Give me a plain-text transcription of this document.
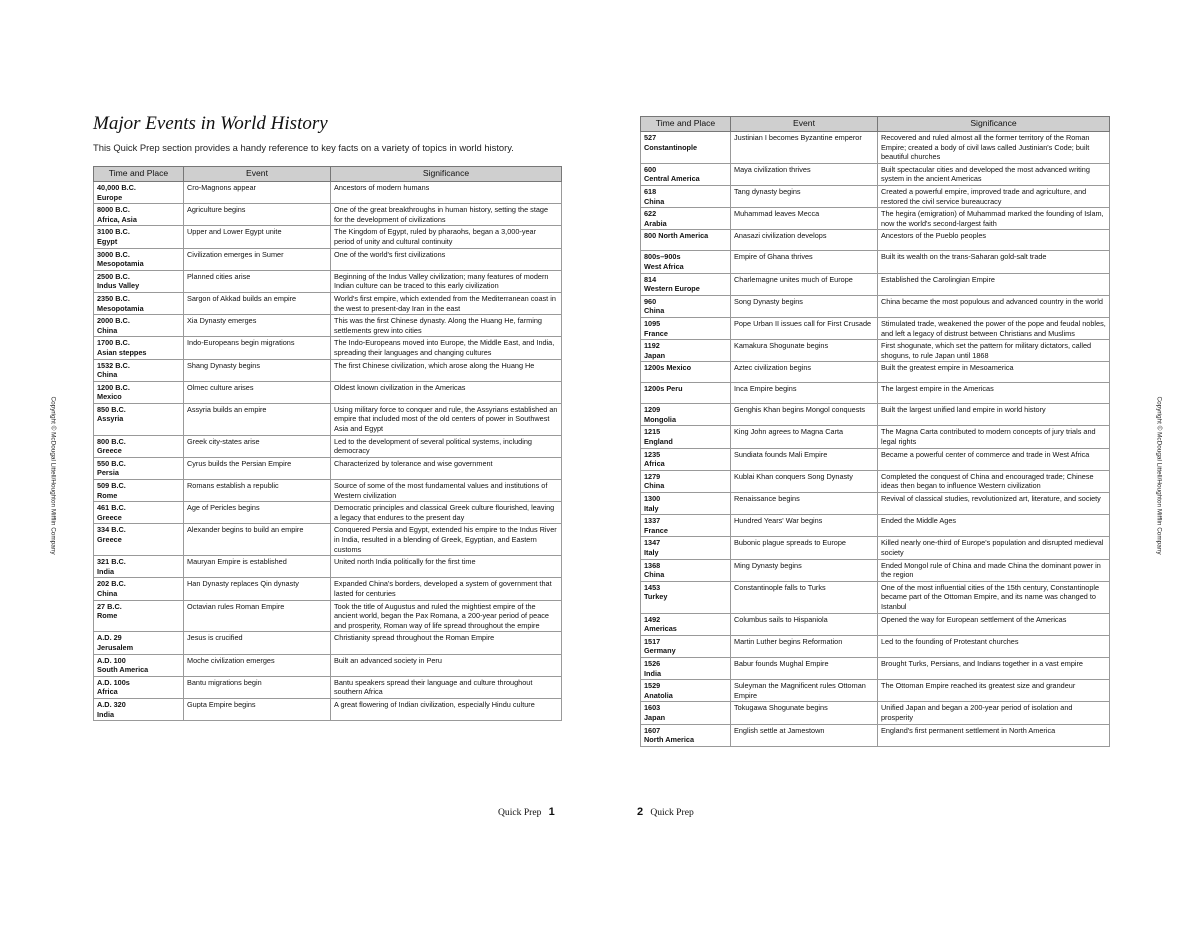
Major Events in World History

This Quick Prep section provides a handy reference to key facts on a variety of topics in world history.

Time and Place	Event	Significance

40,000 B.C.
Europe	Cro-Magnons appear	Ancestors of modern humans

8000 B.C.
Africa, Asia	Agriculture begins	One of the great breakthroughs in human history, setting the stage for the development of civilizations

3100 B.C.
Egypt	Upper and Lower Egypt unite	The Kingdom of Egypt, ruled by pharaohs, began a 3,000-year period of unity and cultural continuity

3000 B.C.
Mesopotamia	Civilization emerges in Sumer	One of the world's first civilizations

2500 B.C.
Indus Valley	Planned cities arise	Beginning of the Indus Valley civilization; many features of modern Indian culture can be traced to this early civilization

2350 B.C.
Mesopotamia	Sargon of Akkad builds an empire	World's first empire, which extended from the Mediterranean coast in the west to present-day Iran in the east

2000 B.C.
China	Xia Dynasty emerges	This was the first Chinese dynasty. Along the Huang He, farming settlements grew into cities

1700 B.C.
Asian steppes	Indo-Europeans begin migrations	The Indo-Europeans moved into Europe, the Middle East, and India, spreading their languages and changing cultures

1532 B.C.
China	Shang Dynasty begins	The first Chinese civilization, which arose along the Huang He

1200 B.C.
Mexico	Olmec culture arises	Oldest known civilization in the Americas

850 B.C.
Assyria	Assyria builds an empire	Using military force to conquer and rule, the Assyrians established an empire that included most of the old centers of power in Southwest Asia and Egypt

800 B.C.
Greece	Greek city-states arise	Led to the development of several political systems, including democracy

550 B.C.
Persia	Cyrus builds the Persian Empire	Characterized by tolerance and wise government

509 B.C.
Rome	Romans establish a republic	Source of some of the most fundamental values and institutions of Western civilization

461 B.C.
Greece	Age of Pericles begins	Democratic principles and classical Greek culture flourished, leaving a legacy that endures to the present day

334 B.C.
Greece	Alexander begins to build an empire	Conquered Persia and Egypt, extended his empire to the Indus River in India, resulted in a blending of Greek, Egyptian, and Eastern customs

321 B.C.
India	Mauryan Empire is established	United north India politically for the first time

202 B.C.
China	Han Dynasty replaces Qin dynasty	Expanded China's borders, developed a system of government that lasted for centuries

27 B.C.
Rome	Octavian rules Roman Empire	Took the title of Augustus and ruled the mightiest empire of the ancient world, began the Pax Romana, a 200-year period of peace and prosperity, Roman way of life spread throughout the empire

A.D. 29
Jerusalem	Jesus is crucified	Christianity spread throughout the Roman Empire

A.D. 100
South America	Moche civilization emerges	Built an advanced society in Peru

A.D. 100s
Africa	Bantu migrations begin	Bantu speakers spread their language and culture throughout southern Africa

A.D. 320
India	Gupta Empire begins	A great flowering of Indian civilization, especially Hindu culture
Copyright © McDougal Littell/Houghton Mifflin Company
Quick Prep 1
Time and Place	Event	Significance

527
Constantinople	Justinian I becomes Byzantine emperor	Recovered and ruled almost all the former territory of the Roman Empire; created a body of civil laws called Justinian's Code; built beautiful churches

600
Central America	Maya civilization thrives	Built spectacular cities and developed the most advanced writing system in the ancient Americas

618
China	Tang dynasty begins	Created a powerful empire, improved trade and agriculture, and restored the civil service bureaucracy

622
Arabia	Muhammad leaves Mecca	The hegira (emigration) of Muhammad marked the founding of Islam, now the world's second-largest faith

800 North America	Anasazi civilization develops	Ancestors of the Pueblo peoples

800s–900s
West Africa	Empire of Ghana thrives	Built its wealth on the trans-Saharan gold-salt trade

814
Western Europe	Charlemagne unites much of Europe	Established the Carolingian Empire

960
China	Song Dynasty begins	China became the most populous and advanced country in the world

1095
France	Pope Urban II issues call for First Crusade	Stimulated trade, weakened the power of the pope and feudal nobles, and left a legacy of distrust between Christians and Muslims

1192
Japan	Kamakura Shogunate begins	First shogunate, which set the pattern for military dictators, called shoguns, to rule Japan until 1868

1200s Mexico	Aztec civilization begins	Built the greatest empire in Mesoamerica

1200s Peru	Inca Empire begins	The largest empire in the Americas

1209
Mongolia	Genghis Khan begins Mongol conquests	Built the largest unified land empire in world history

1215
England	King John agrees to Magna Carta	The Magna Carta contributed to modern concepts of jury trials and legal rights

1235
Africa	Sundiata founds Mali Empire	Became a powerful center of commerce and trade in West Africa

1279
China	Kublai Khan conquers Song Dynasty	Completed the conquest of China and encouraged trade; Chinese ideas then began to influence Western civilization

1300
Italy	Renaissance begins	Revival of classical studies, revolutionized art, literature, and society

1337
France	Hundred Years' War begins	Ended the Middle Ages

1347
Italy	Bubonic plague spreads to Europe	Killed nearly one-third of Europe's population and disrupted medieval society

1368
China	Ming Dynasty begins	Ended Mongol rule of China and made China the dominant power in the region

1453
Turkey	Constantinople falls to Turks	One of the most influential cities of the 15th century, Constantinople became part of the Ottoman Empire, and its name was changed to Istanbul

1492
Americas	Columbus sails to Hispaniola	Opened the way for European settlement of the Americas

1517
Germany	Martin Luther begins Reformation	Led to the founding of Protestant churches

1526
India	Babur founds Mughal Empire	Brought Turks, Persians, and Indians together in a vast empire

1529
Anatolia	Suleyman the Magnificent rules Ottoman Empire	The Ottoman Empire reached its greatest size and grandeur

1603
Japan	Tokugawa Shogunate begins	Unified Japan and began a 200-year period of isolation and prosperity

1607
North America	English settle at Jamestown	England's first permanent settlement in North America
Copyright © McDougal Littell/Houghton Mifflin Company
2 Quick Prep
